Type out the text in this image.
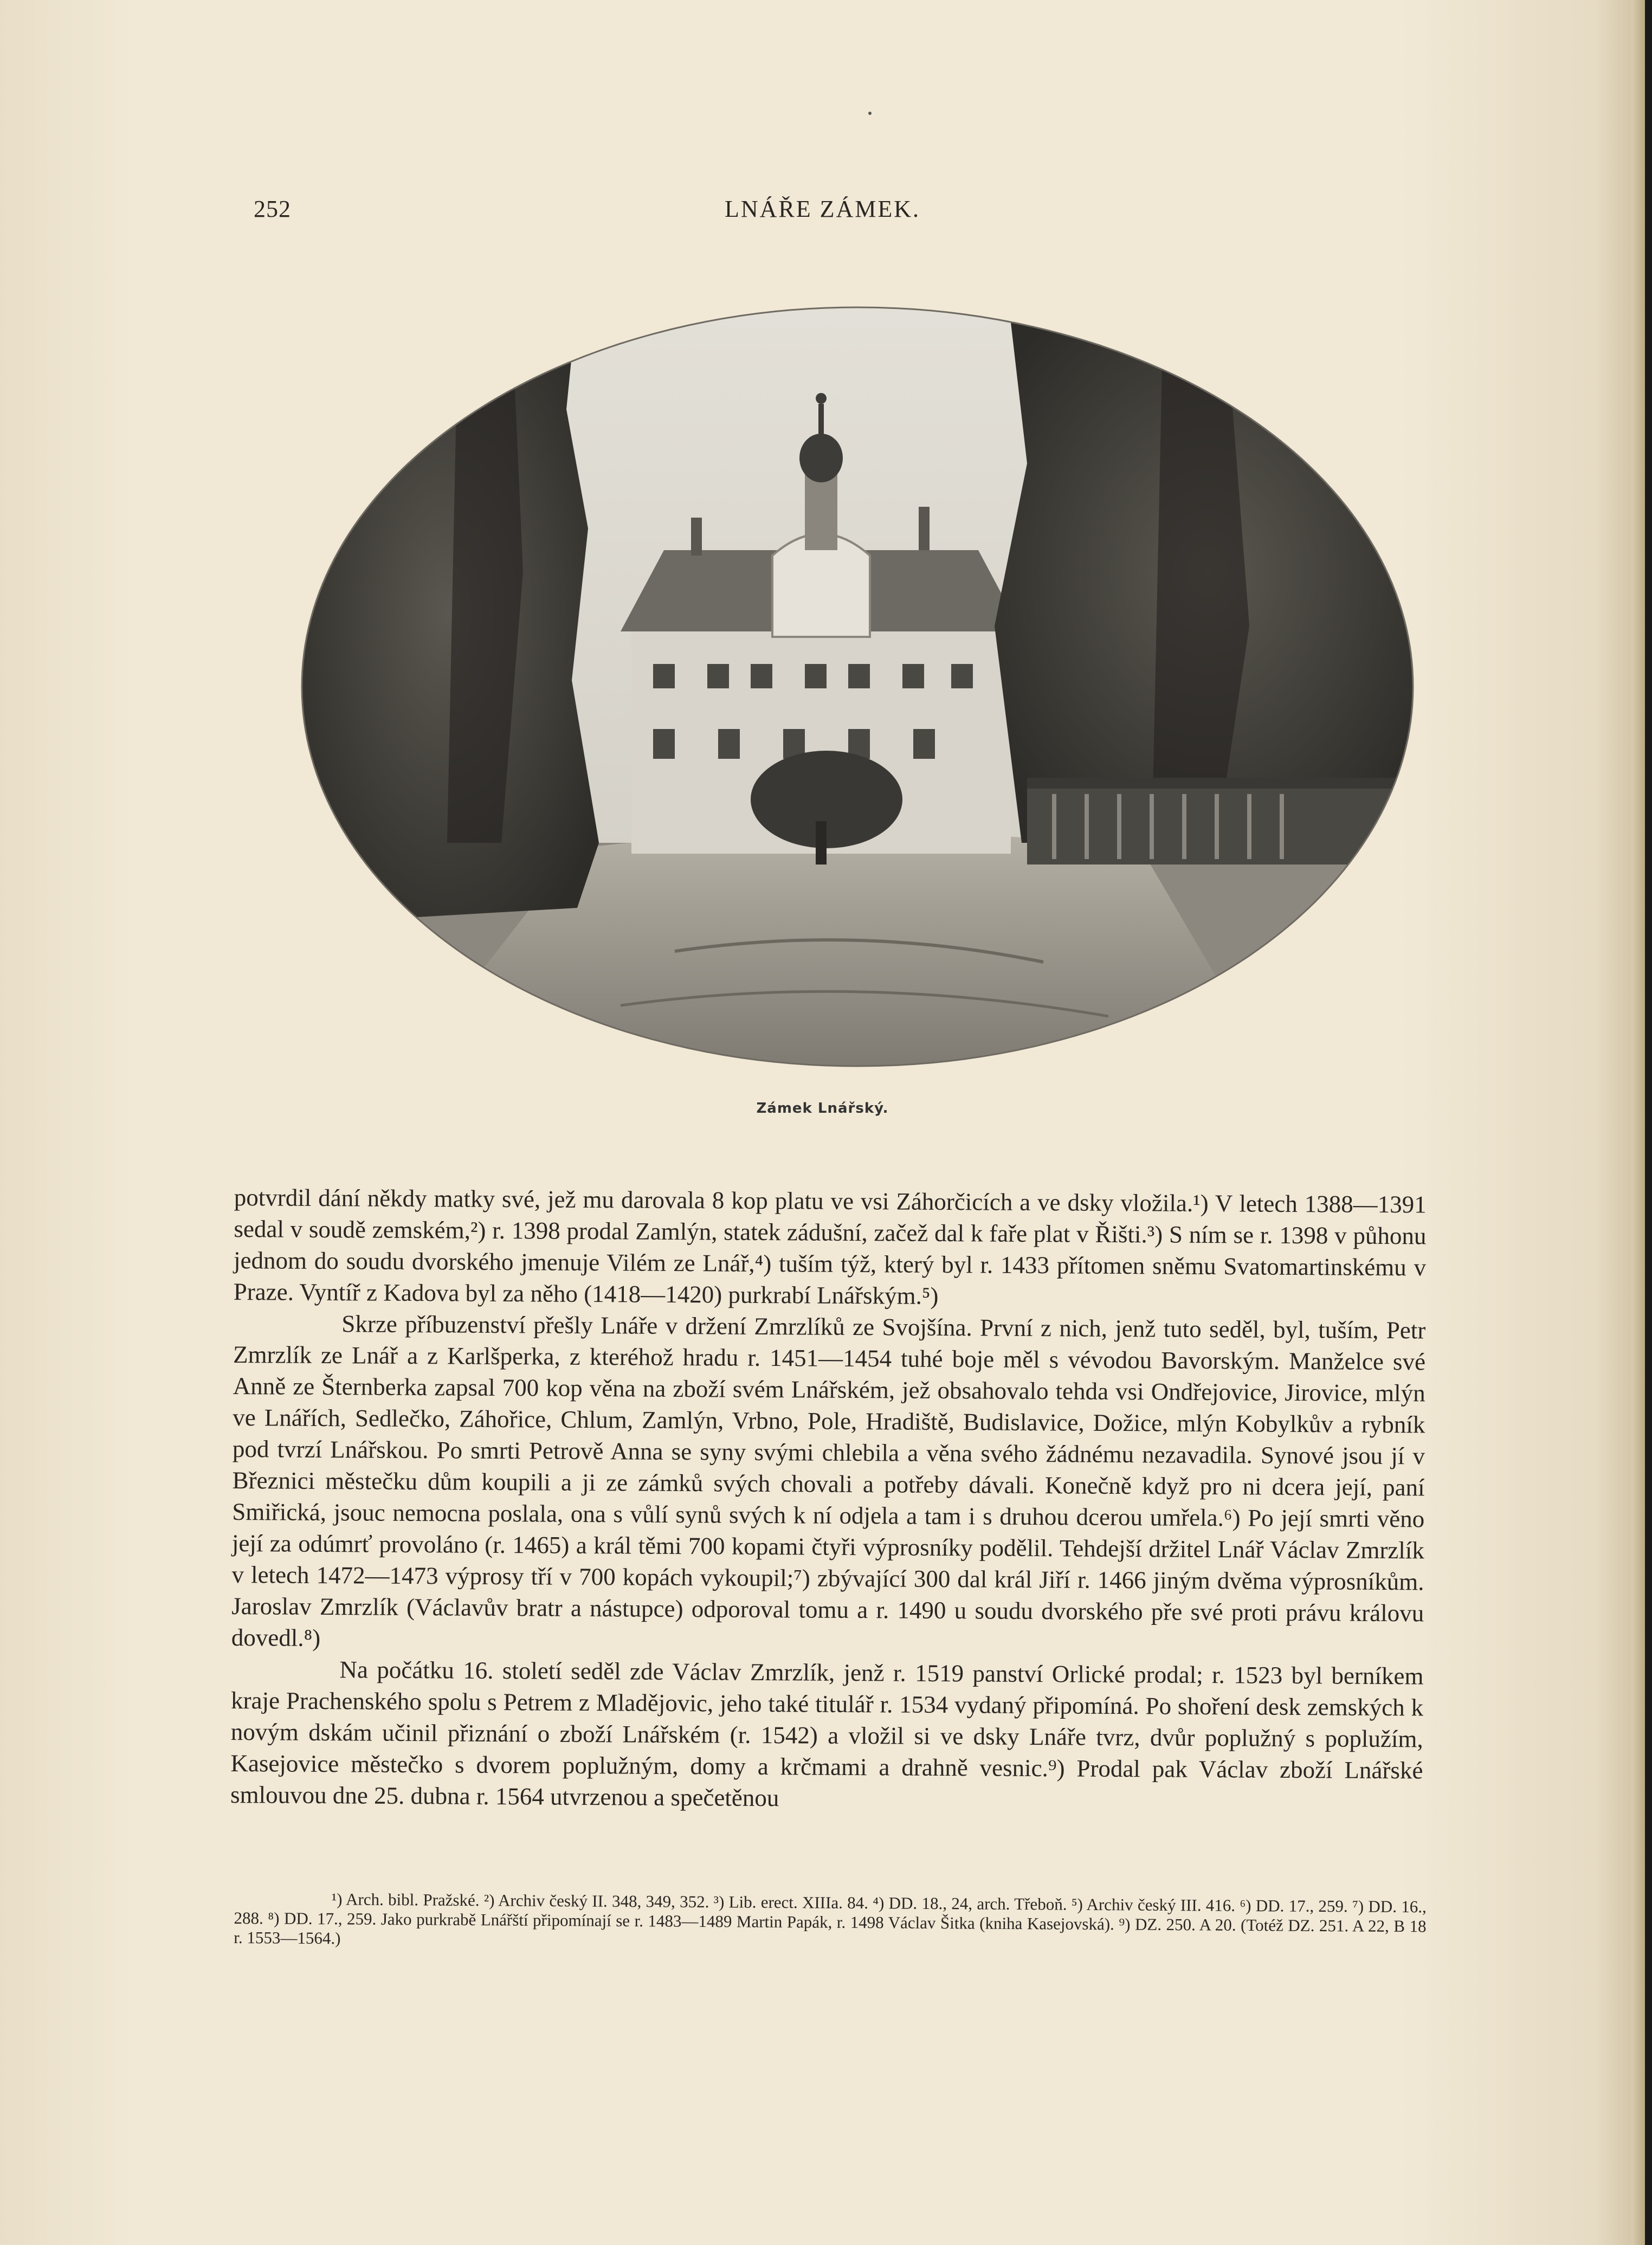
252	LNÁŘE ZÁMEK.
Zámek Lnářský.

potvrdil dání někdy matky své, jež mu darovala 8 kop platu ve vsi Záhorčicích a ve dsky vložila.¹) V letech 1388—1391 sedal v soudě zemském,²) r. 1398 prodal Zamlýn, statek zádušní, začež dal k faře plat v Řišti.³) S ním se r. 1398 v půhonu jednom do soudu dvorského jmenuje Vilém ze Lnář,⁴) tuším týž, který byl r. 1433 přítomen sněmu Svatomartinskému v Praze. Vyntíř z Kadova byl za něho (1418—1420) purkrabí Lnářským.⁵)

Skrze příbuzenství přešly Lnáře v držení Zmrzlíků ze Svojšína. První z nich, jenž tuto seděl, byl, tuším, Petr Zmrzlík ze Lnář a z Karlšperka, z kteréhož hradu r. 1451—1454 tuhé boje měl s vévodou Bavorským. Manželce své Anně ze Šternberka zapsal 700 kop věna na zboží svém Lnářském, jež obsahovalo tehda vsi Ondřejovice, Jirovice, mlýn ve Lnářích, Sedlečko, Záhořice, Chlum, Zamlýn, Vrbno, Pole, Hradiště, Budislavice, Dožice, mlýn Kobylkův a rybník pod tvrzí Lnářskou. Po smrti Petrově Anna se syny svými chlebila a věna svého žádnému nezavadila. Synové jsou jí v Březnici městečku dům koupili a ji ze zámků svých chovali a potřeby dávali. Konečně když pro ni dcera její, paní Smiřická, jsouc nemocna poslala, ona s vůlí synů svých k ní odjela a tam i s druhou dcerou umřela.⁶) Po její smrti věno její za odúmrť provoláno (r. 1465) a král těmi 700 kopami čtyři výprosníky podělil. Tehdejší držitel Lnář Václav Zmrzlík v letech 1472—1473 výprosy tří v 700 kopách vykoupil;⁷) zbývající 300 dal král Jiří r. 1466 jiným dvěma výprosníkům. Jaroslav Zmrzlík (Václavův bratr a nástupce) odporoval tomu a r. 1490 u soudu dvorského pře své proti právu královu dovedl.⁸)

Na počátku 16. století seděl zde Václav Zmrzlík, jenž r. 1519 panství Orlické prodal; r. 1523 byl berníkem kraje Prachenského spolu s Petrem z Mladějovic, jeho také titulář r. 1534 vydaný připomíná. Po shoření desk zemských k novým dskám učinil přiznání o zboží Lnářském (r. 1542) a vložil si ve dsky Lnáře tvrz, dvůr poplužný s poplužím, Kasejovice městečko s dvorem poplužným, domy a krčmami a drahně vesnic.⁹) Prodal pak Václav zboží Lnářské smlouvou dne 25. dubna r. 1564 utvrzenou a spečetěnou

¹) Arch. bibl. Pražské. ²) Archiv český II. 348, 349, 352. ³) Lib. erect. XIIIa. 84. ⁴) DD. 18., 24, arch. Třeboň. ⁵) Archiv český III. 416. ⁶) DD. 17., 259. ⁷) DD. 16., 288. ⁸) DD. 17., 259. Jako purkrabě Lnářští připomínají se r. 1483—1489 Martin Papák, r. 1498 Václav Šitka (kniha Kasejovská). ⁹) DZ. 250. A 20. (Totéž DZ. 251. A 22, B 18 r. 1553—1564.)
